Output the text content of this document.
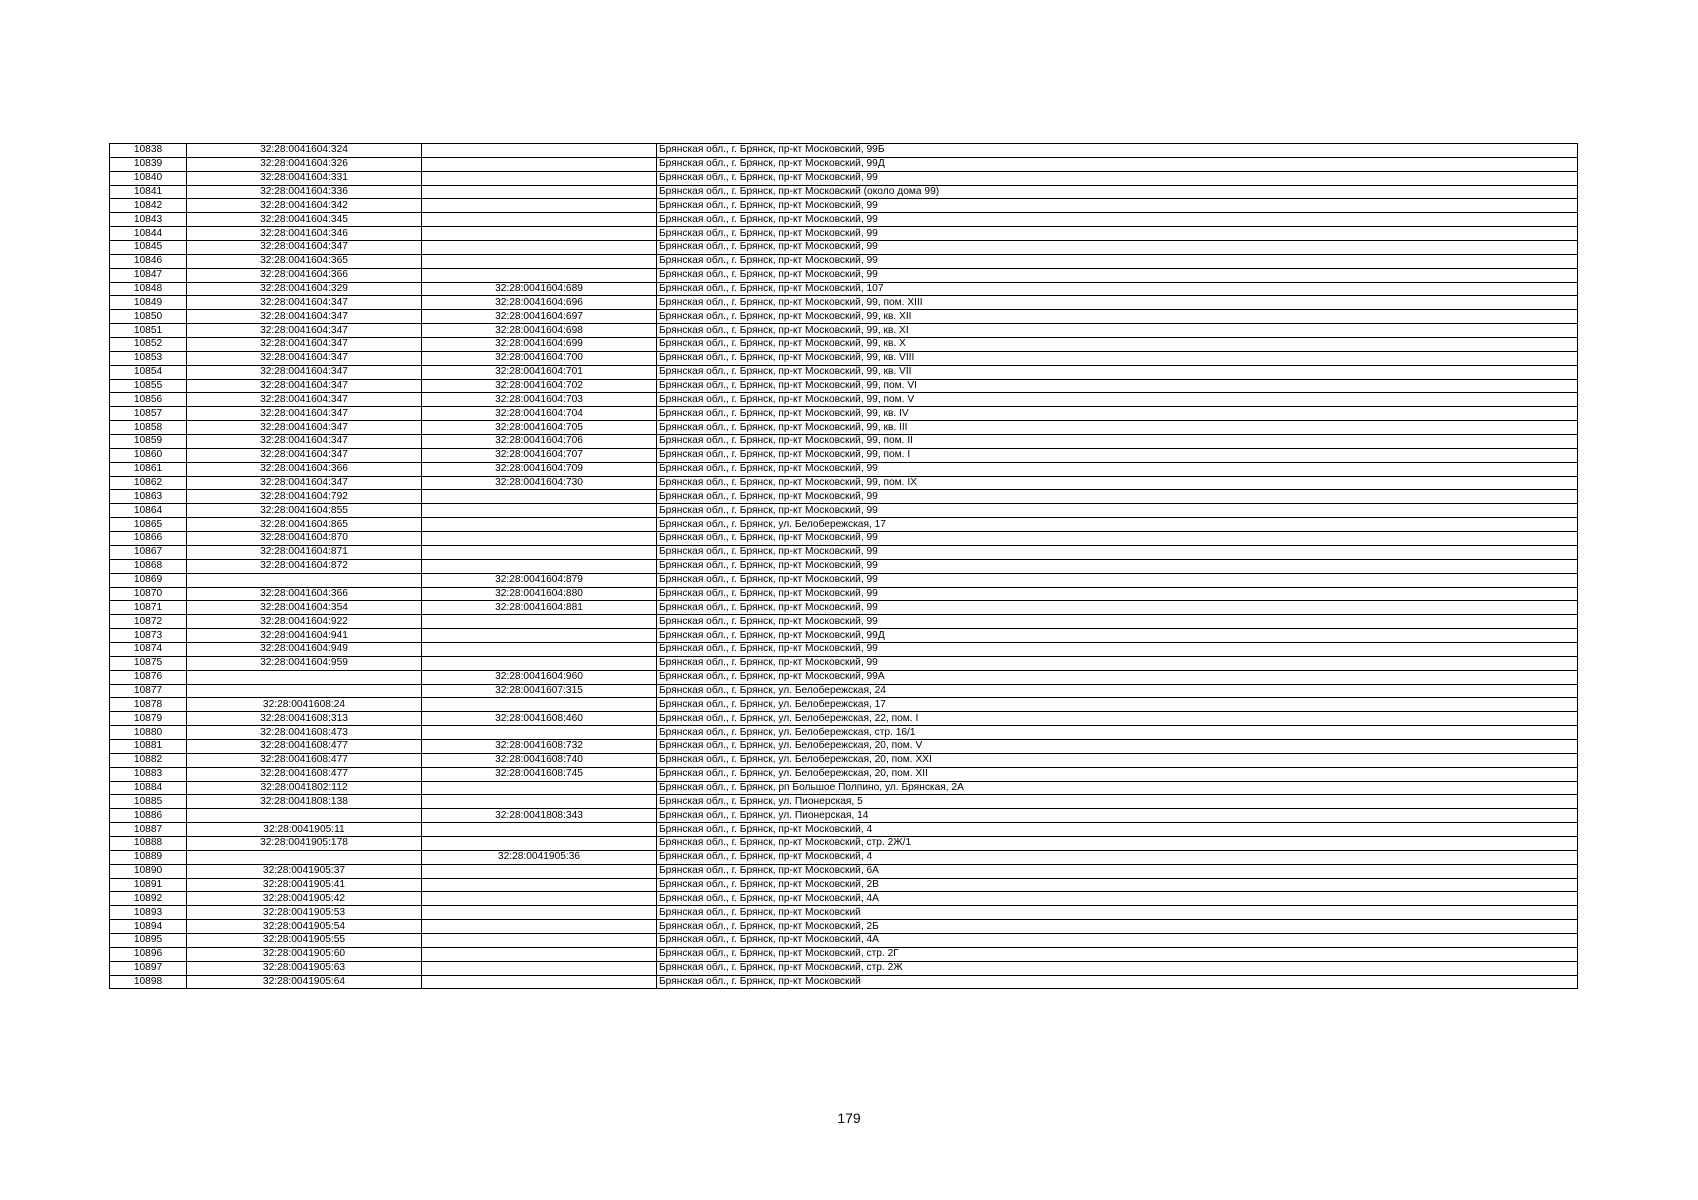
10838	32:28:0041604:324		Брянская обл., г. Брянск, пр-кт Московский, 99Б
10839	32:28:0041604:326		Брянская обл., г. Брянск, пр-кт Московский, 99Д
10840	32:28:0041604:331		Брянская обл., г. Брянск, пр-кт Московский, 99
10841	32:28:0041604:336		Брянская обл., г. Брянск, пр-кт Московский (около дома 99)
10842	32:28:0041604:342		Брянская обл., г. Брянск, пр-кт Московский, 99
10843	32:28:0041604:345		Брянская обл., г. Брянск, пр-кт Московский, 99
10844	32:28:0041604:346		Брянская обл., г. Брянск, пр-кт Московский, 99
10845	32:28:0041604:347		Брянская обл., г. Брянск, пр-кт Московский, 99
10846	32:28:0041604:365		Брянская обл., г. Брянск, пр-кт Московский, 99
10847	32:28:0041604:366		Брянская обл., г. Брянск, пр-кт Московский, 99
10848	32:28:0041604:329	32:28:0041604:689	Брянская обл., г. Брянск, пр-кт Московский, 107
10849	32:28:0041604:347	32:28:0041604:696	Брянская обл., г. Брянск, пр-кт Московский, 99, пом. XIII
10850	32:28:0041604:347	32:28:0041604:697	Брянская обл., г. Брянск, пр-кт Московский, 99, кв. XII
10851	32:28:0041604:347	32:28:0041604:698	Брянская обл., г. Брянск, пр-кт Московский, 99, кв. XI
10852	32:28:0041604:347	32:28:0041604:699	Брянская обл., г. Брянск, пр-кт Московский, 99, кв. X
10853	32:28:0041604:347	32:28:0041604:700	Брянская обл., г. Брянск, пр-кт Московский, 99, кв. VIII
10854	32:28:0041604:347	32:28:0041604:701	Брянская обл., г. Брянск, пр-кт Московский, 99, кв. VII
10855	32:28:0041604:347	32:28:0041604:702	Брянская обл., г. Брянск, пр-кт Московский, 99, пом. VI
10856	32:28:0041604:347	32:28:0041604:703	Брянская обл., г. Брянск, пр-кт Московский, 99, пом. V
10857	32:28:0041604:347	32:28:0041604:704	Брянская обл., г. Брянск, пр-кт Московский, 99, кв. IV
10858	32:28:0041604:347	32:28:0041604:705	Брянская обл., г. Брянск, пр-кт Московский, 99, кв. III
10859	32:28:0041604:347	32:28:0041604:706	Брянская обл., г. Брянск, пр-кт Московский, 99, пом. II
10860	32:28:0041604:347	32:28:0041604:707	Брянская обл., г. Брянск, пр-кт Московский, 99, пом. I
10861	32:28:0041604:366	32:28:0041604:709	Брянская обл., г. Брянск, пр-кт Московский, 99
10862	32:28:0041604:347	32:28:0041604:730	Брянская обл., г. Брянск, пр-кт Московский, 99, пом. IX
10863	32:28:0041604:792		Брянская обл., г. Брянск, пр-кт Московский, 99
10864	32:28:0041604:855		Брянская обл., г. Брянск, пр-кт Московский, 99
10865	32:28:0041604:865		Брянская обл., г. Брянск, ул. Белобережская, 17
10866	32:28:0041604:870		Брянская обл., г. Брянск, пр-кт Московский, 99
10867	32:28:0041604:871		Брянская обл., г. Брянск, пр-кт Московский, 99
10868	32:28:0041604:872		Брянская обл., г. Брянск, пр-кт Московский, 99
10869		32:28:0041604:879	Брянская обл., г. Брянск, пр-кт Московский, 99
10870	32:28:0041604:366	32:28:0041604:880	Брянская обл., г. Брянск, пр-кт Московский, 99
10871	32:28:0041604:354	32:28:0041604:881	Брянская обл., г. Брянск, пр-кт Московский, 99
10872	32:28:0041604:922		Брянская обл., г. Брянск, пр-кт Московский, 99
10873	32:28:0041604:941		Брянская обл., г. Брянск, пр-кт Московский, 99Д
10874	32:28:0041604:949		Брянская обл., г. Брянск, пр-кт Московский, 99
10875	32:28:0041604:959		Брянская обл., г. Брянск, пр-кт Московский, 99
10876		32:28:0041604:960	Брянская обл., г. Брянск, пр-кт Московский, 99А
10877		32:28:0041607:315	Брянская обл., г. Брянск, ул. Белобережская, 24
10878	32:28:0041608:24		Брянская обл., г. Брянск, ул. Белобережская, 17
10879	32:28:0041608:313	32:28:0041608:460	Брянская обл., г. Брянск, ул. Белобережская, 22, пом. I
10880	32:28:0041608:473		Брянская обл., г. Брянск, ул. Белобережская, стр. 16/1
10881	32:28:0041608:477	32:28:0041608:732	Брянская обл., г. Брянск, ул. Белобережская, 20, пом. V
10882	32:28:0041608:477	32:28:0041608:740	Брянская обл., г. Брянск, ул. Белобережская, 20, пом. XXI
10883	32:28:0041608:477	32:28:0041608:745	Брянская обл., г. Брянск, ул. Белобережская, 20, пом. XII
10884	32:28:0041802:112		Брянская обл., г. Брянск, рп Большое Полпино, ул. Брянская, 2А
10885	32:28:0041808:138		Брянская обл., г. Брянск, ул. Пионерская, 5
10886		32:28:0041808:343	Брянская обл., г. Брянск, ул. Пионерская, 14
10887	32:28:0041905:11		Брянская обл., г. Брянск, пр-кт Московский, 4
10888	32:28:0041905:178		Брянская обл., г. Брянск, пр-кт Московский, стр. 2Ж/1
10889		32:28:0041905:36	Брянская обл., г. Брянск, пр-кт Московский, 4
10890	32:28:0041905:37		Брянская обл., г. Брянск, пр-кт Московский, 6А
10891	32:28:0041905:41		Брянская обл., г. Брянск, пр-кт Московский, 2В
10892	32:28:0041905:42		Брянская обл., г. Брянск, пр-кт Московский, 4А
10893	32:28:0041905:53		Брянская обл., г. Брянск, пр-кт Московский
10894	32:28:0041905:54		Брянская обл., г. Брянск, пр-кт Московский, 2Б
10895	32:28:0041905:55		Брянская обл., г. Брянск, пр-кт Московский, 4А
10896	32:28:0041905:60		Брянская обл., г. Брянск, пр-кт Московский, стр. 2Г
10897	32:28:0041905:63		Брянская обл., г. Брянск, пр-кт Московский, стр. 2Ж
10898	32:28:0041905:64		Брянская обл., г. Брянск, пр-кт Московский
179
